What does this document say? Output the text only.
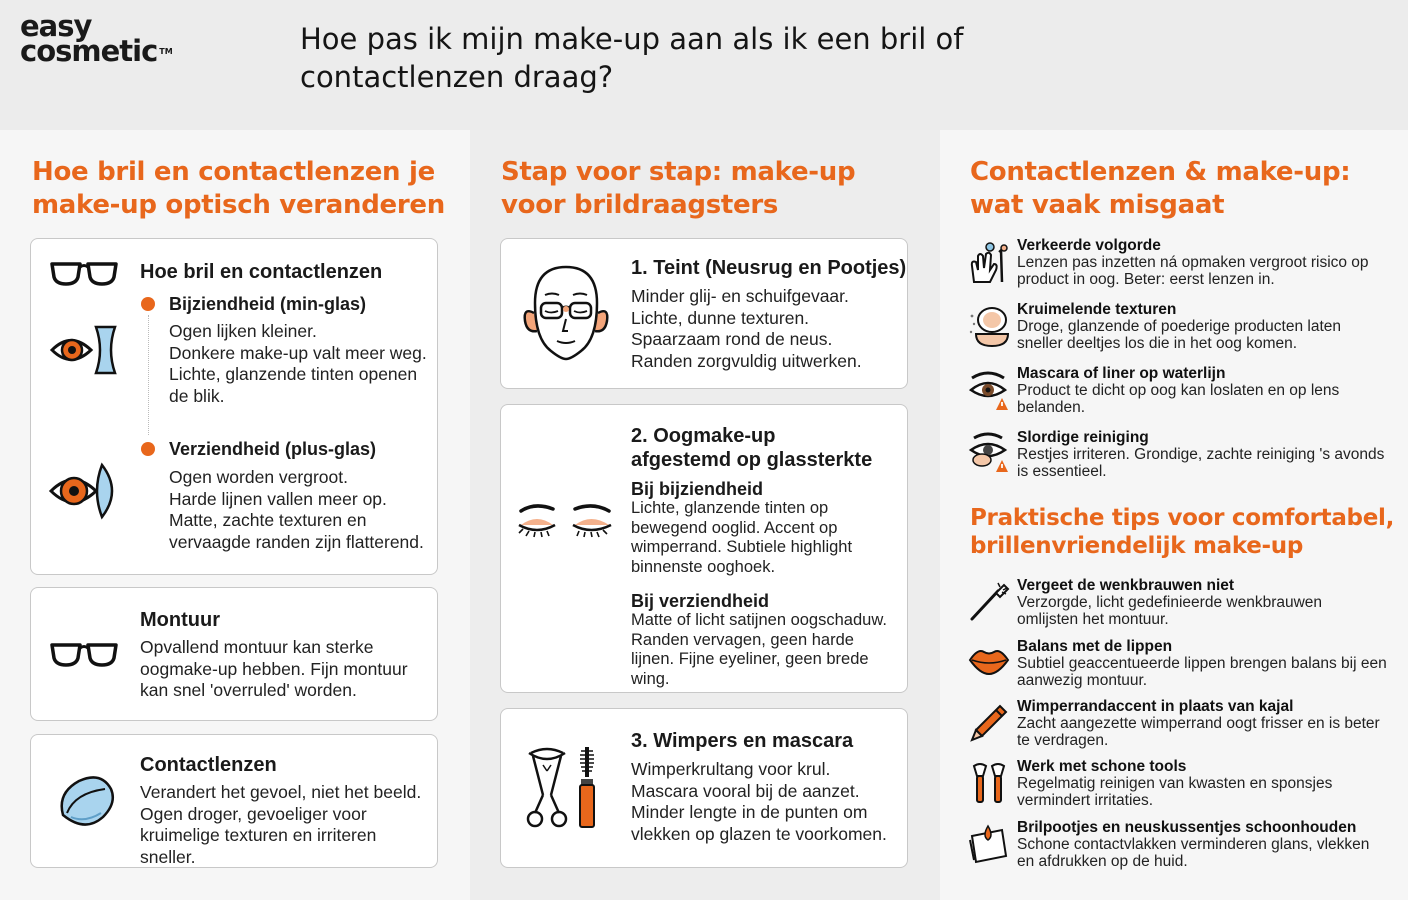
easy
cosmetic ™	Hoe pas ik mijn make-up aan als ik een bril of contactlenzen draag?
Hoe bril en contactlenzen je make-up optisch veranderen
Hoe bril en contactlenzen
Bijziendheid (min-glas)
Ogen lijken kleiner.
Donkere make-up valt meer weg.
Lichte, glanzende tinten openen de blik.
Verziendheid (plus-glas)
Ogen worden vergroot.
Harde lijnen vallen meer op.
Matte, zachte texturen en vervaagde randen zijn flatterend.
Montuur
Opvallend montuur kan sterke oogmake-up hebben. Fijn montuur kan snel 'overruled' worden.
Contactlenzen
Verandert het gevoel, niet het beeld. Ogen droger, gevoeliger voor kruimelige texturen en irriteren sneller.
Stap voor stap: make-up voor brildraagsters
1. Teint (Neusrug en Pootjes)
Minder glij- en schuifgevaar.
Lichte, dunne texturen.
Spaarzaam rond de neus.
Randen zorgvuldig uitwerken.
2. Oogmake-up afgestemd op glassterkte
Bij bijziendheid
Lichte, glanzende tinten op bewegend ooglid. Accent op wimperrand. Subtiele highlight binnenste ooghoek.
Bij verziendheid
Matte of licht satijnen oogschaduw. Randen vervagen, geen harde lijnen. Fijne eyeliner, geen brede wing.
3. Wimpers en mascara
Wimperkrultang voor krul.
Mascara vooral bij de aanzet.
Minder lengte in de punten om vlekken op glazen te voorkomen.
Contactlenzen & make-up: wat vaak misgaat
Verkeerde volgorde
Lenzen pas inzetten ná opmaken vergroot risico op product in oog. Beter: eerst lenzen in.
Kruimelende texturen
Droge, glanzende of poederige producten laten sneller deeltjes los die in het oog komen.
Mascara of liner op waterlijn
Product te dicht op oog kan loslaten en op lens belanden.
Slordige reiniging
Restjes irriteren. Grondige, zachte reiniging 's avonds is essentieel.
Praktische tips voor comfortabel, brillenvriendelijk make-up
Vergeet de wenkbrauwen niet
Verzorgde, licht gedefinieerde wenkbrauwen omlijsten het montuur.
Balans met de lippen
Subtiel geaccentueerde lippen brengen balans bij een aanwezig montuur.
Wimperrandaccent in plaats van kajal
Zacht aangezette wimperrand oogt frisser en is beter te verdragen.
Werk met schone tools
Regelmatig reinigen van kwasten en sponsjes vermindert irritaties.
Brilpootjes en neuskussentjes schoonhouden
Schone contactvlakken verminderen glans, vlekken en afdrukken op de huid.
